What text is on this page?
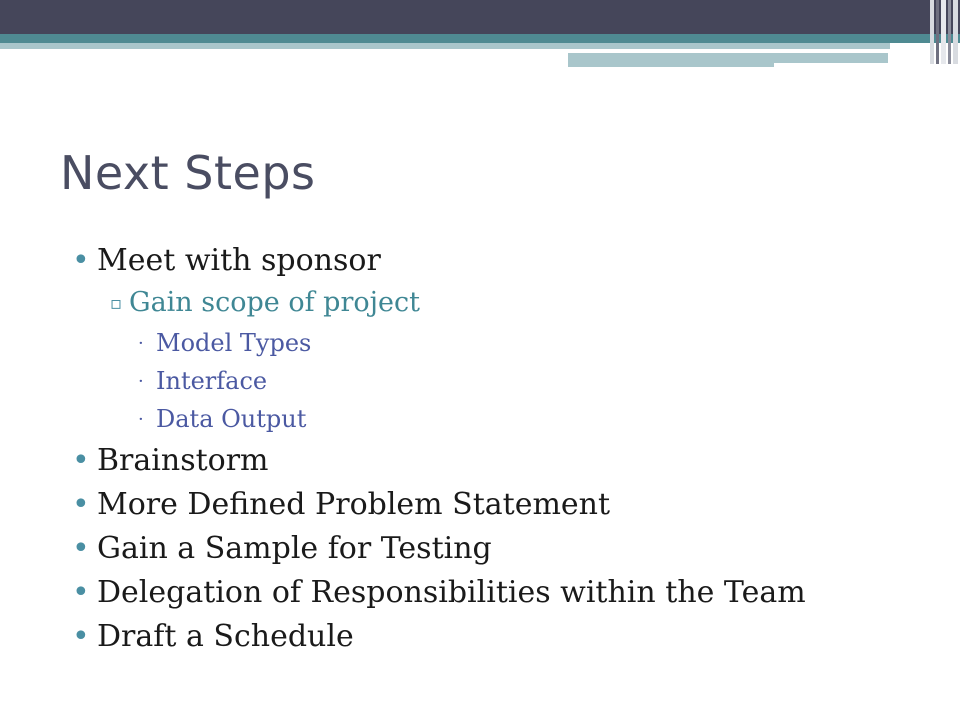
Next Steps
• Meet with sponsor
▫ Gain scope of project
· Model Types
· Interface
· Data Output
• Brainstorm
• More Defined Problem Statement
• Gain a Sample for Testing
• Delegation of Responsibilities within the Team
• Draft a Schedule
